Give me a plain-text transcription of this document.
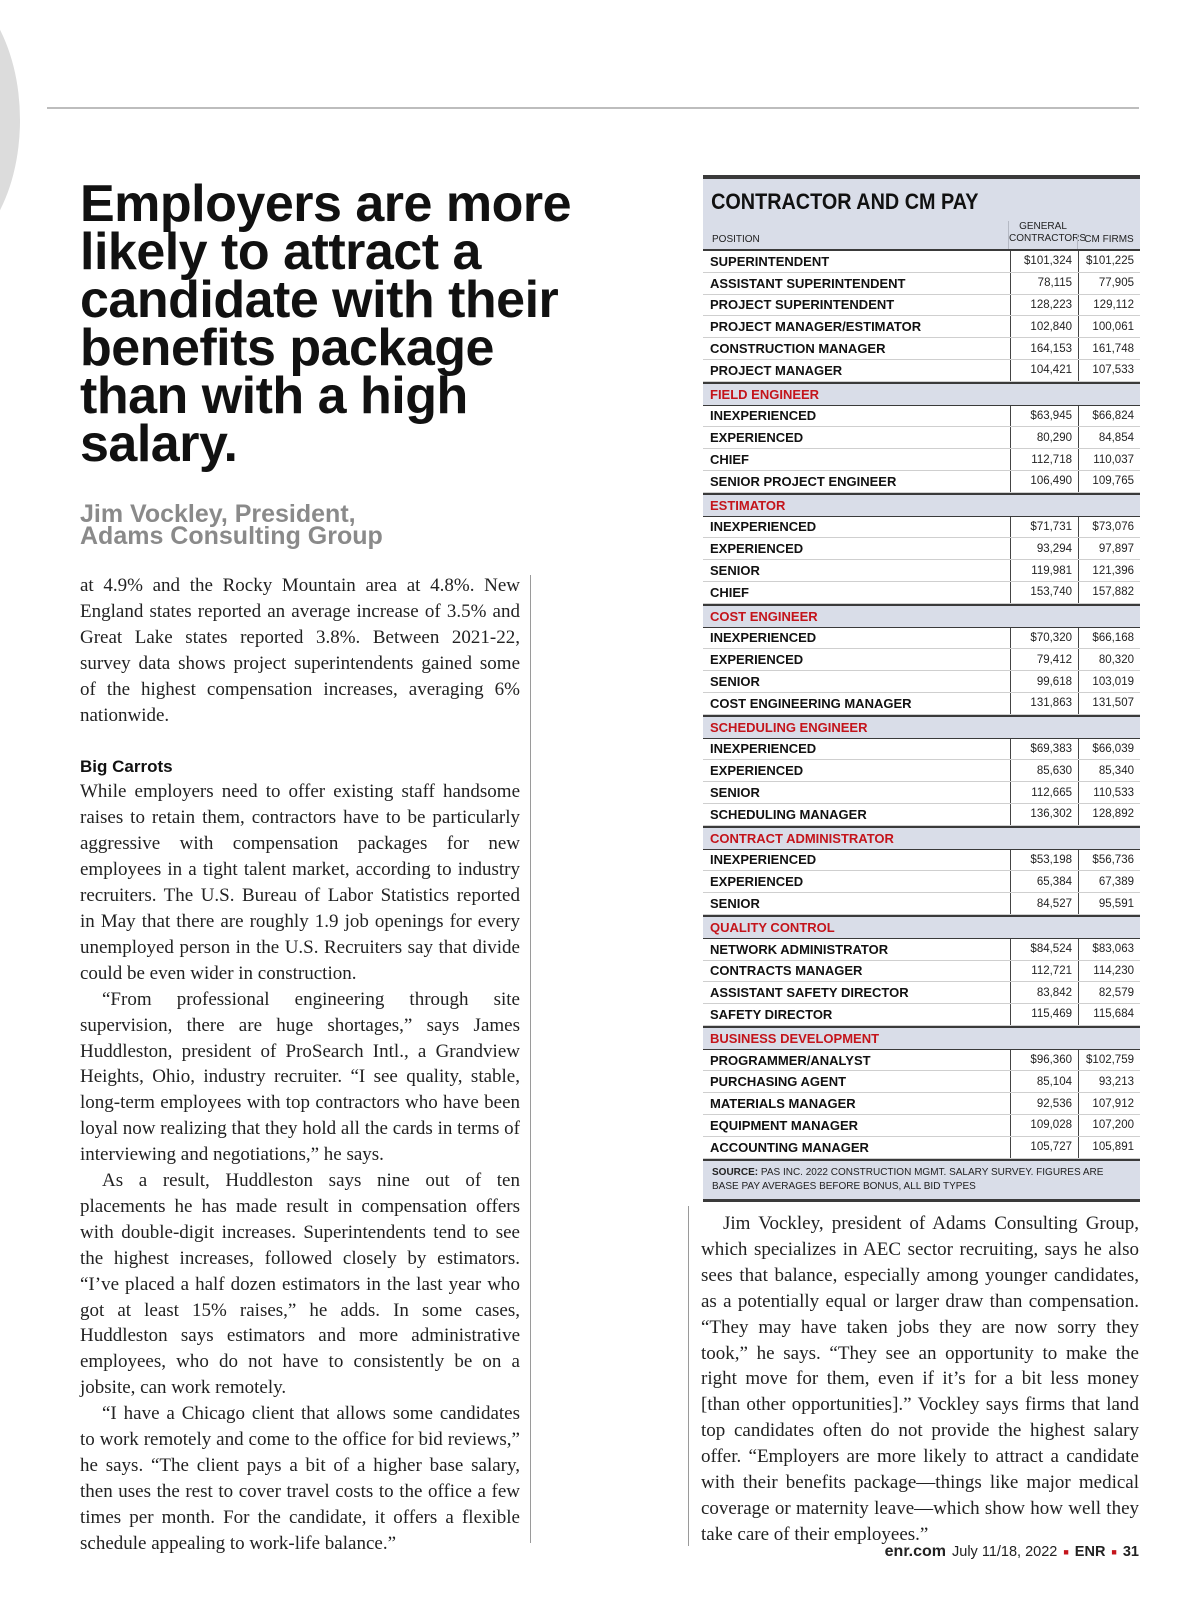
Employers are more
likely to attract a
candidate with their
benefits package
than with a high
salary.
Jim Vockley, President,
Adams Consulting Group

at 4.9% and the Rocky Mountain area at 4.8%. New England states reported an average increase of 3.5% and Great Lake states reported 3.8%. Between 2021-22, survey data shows project superintendents gained some of the highest compensation increases, averaging 6% nationwide.

Big Carrots

While employers need to offer existing staff handsome raises to retain them, contractors have to be particularly aggressive with compensation packages for new employees in a tight talent market, according to industry recruiters. The U.S. Bureau of Labor Statistics reported in May that there are roughly 1.9 job openings for every unemployed person in the U.S. Recruiters say that divide could be even wider in construction.

“From professional engineering through site supervision, there are huge shortages,” says James Huddleston, president of ProSearch Intl., a Grandview Heights, Ohio, industry recruiter. “I see quality, stable, long-term employees with top contractors who have been loyal now realizing that they hold all the cards in terms of interviewing and negotiations,” he says.

As a result, Huddleston says nine out of ten placements he has made result in compensation offers with double-digit increases. Superintendents tend to see the highest increases, followed closely by estimators. “I’ve placed a half dozen estimators in the last year who got at least 15% raises,” he adds. In some cases, Huddleston says estimators and more administrative employees, who do not have to consistently be on a jobsite, can work remotely.

“I have a Chicago client that allows some candidates to work remotely and come to the office for bid reviews,” he says. “The client pays a bit of a higher base salary, then uses the rest to cover travel costs to the office a few times per month. For the candidate, it offers a flexible schedule appealing to work-life balance.”

CONTRACTOR AND CM PAY
POSITION
GENERAL
CONTRACTORS
CM FIRMS
SUPERINTENDENT	$101,324	$101,225
ASSISTANT SUPERINTENDENT	78,115	77,905
PROJECT SUPERINTENDENT	128,223	129,112
PROJECT MANAGER/ESTIMATOR	102,840	100,061
CONSTRUCTION MANAGER	164,153	161,748
PROJECT MANAGER	104,421	107,533
FIELD ENGINEER
INEXPERIENCED	$63,945	$66,824
EXPERIENCED	80,290	84,854
CHIEF	112,718	110,037
SENIOR PROJECT ENGINEER	106,490	109,765
ESTIMATOR
INEXPERIENCED	$71,731	$73,076
EXPERIENCED	93,294	97,897
SENIOR	119,981	121,396
CHIEF	153,740	157,882
COST ENGINEER
INEXPERIENCED	$70,320	$66,168
EXPERIENCED	79,412	80,320
SENIOR	99,618	103,019
COST ENGINEERING MANAGER	131,863	131,507
SCHEDULING ENGINEER
INEXPERIENCED	$69,383	$66,039
EXPERIENCED	85,630	85,340
SENIOR	112,665	110,533
SCHEDULING MANAGER	136,302	128,892
CONTRACT ADMINISTRATOR
INEXPERIENCED	$53,198	$56,736
EXPERIENCED	65,384	67,389
SENIOR	84,527	95,591
QUALITY CONTROL
NETWORK ADMINISTRATOR	$84,524	$83,063
CONTRACTS MANAGER	112,721	114,230
ASSISTANT SAFETY DIRECTOR	83,842	82,579
SAFETY DIRECTOR	115,469	115,684
BUSINESS DEVELOPMENT
PROGRAMMER/ANALYST	$96,360	$102,759
PURCHASING AGENT	85,104	93,213
MATERIALS MANAGER	92,536	107,912
EQUIPMENT MANAGER	109,028	107,200
ACCOUNTING MANAGER	105,727	105,891
SOURCE: PAS INC. 2022 CONSTRUCTION MGMT. SALARY SURVEY. FIGURES ARE BASE PAY AVERAGES BEFORE BONUS, ALL BID TYPES

Jim Vockley, president of Adams Consulting Group, which specializes in AEC sector recruiting, says he also sees that balance, especially among younger candidates, as a potentially equal or larger draw than compensation. “They may have taken jobs they are now sorry they took,” he says. “They see an opportunity to make the right move for them, even if it’s for a bit less money [than other opportunities].” Vockley says firms that land top candidates often do not provide the highest salary offer. “Employers are more likely to attract a candidate with their benefits package—things like major medical coverage or maternity leave—which show how well they take care of their employees.”

enr.com July 11/18, 2022 ■ ENR ■ 31
